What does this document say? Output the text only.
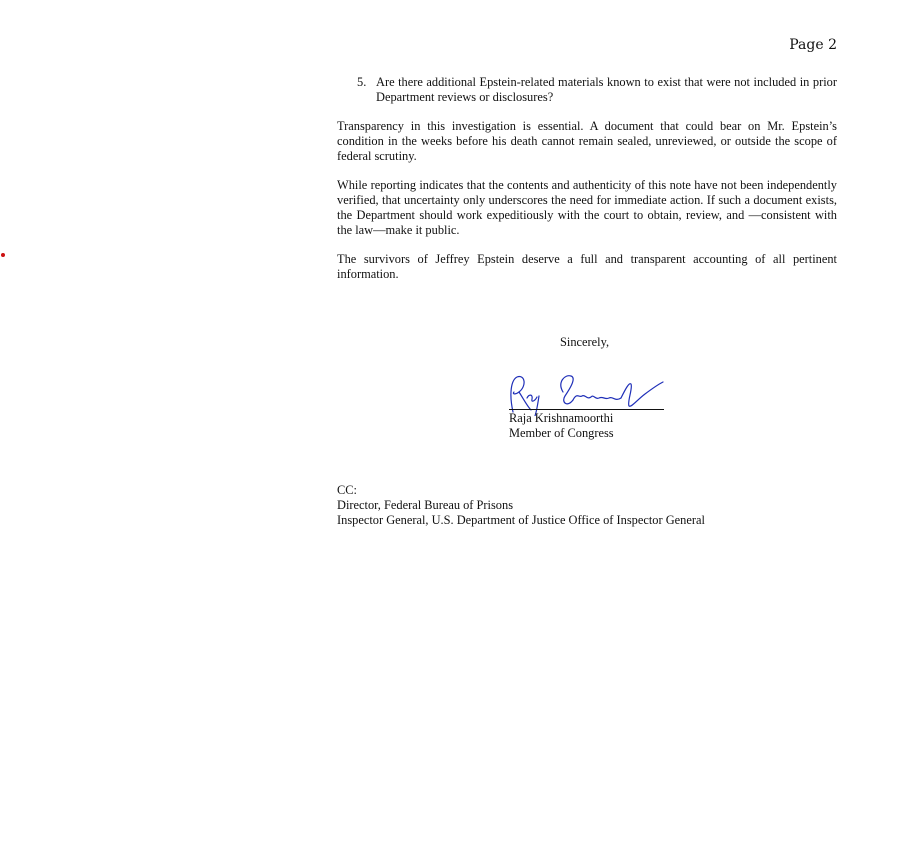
Page 2
5. Are there additional Epstein-related materials known to exist that were not included in prior Department reviews or disclosures?

Transparency in this investigation is essential. A document that could bear on Mr. Epstein’s condition in the weeks before his death cannot remain sealed, unreviewed, or outside the scope of federal scrutiny.

While reporting indicates that the contents and authenticity of this note have not been independently verified, that uncertainty only underscores the need for immediate action. If such a document exists, the Department should work expeditiously with the court to obtain, review, and —consistent with the law—make it public.

The survivors of Jeffrey Epstein deserve a full and transparent accounting of all pertinent information.

Sincerely,
Raja Krishnamoorthi
Member of Congress
CC:
Director, Federal Bureau of Prisons
Inspector General, U.S. Department of Justice Office of Inspector General
